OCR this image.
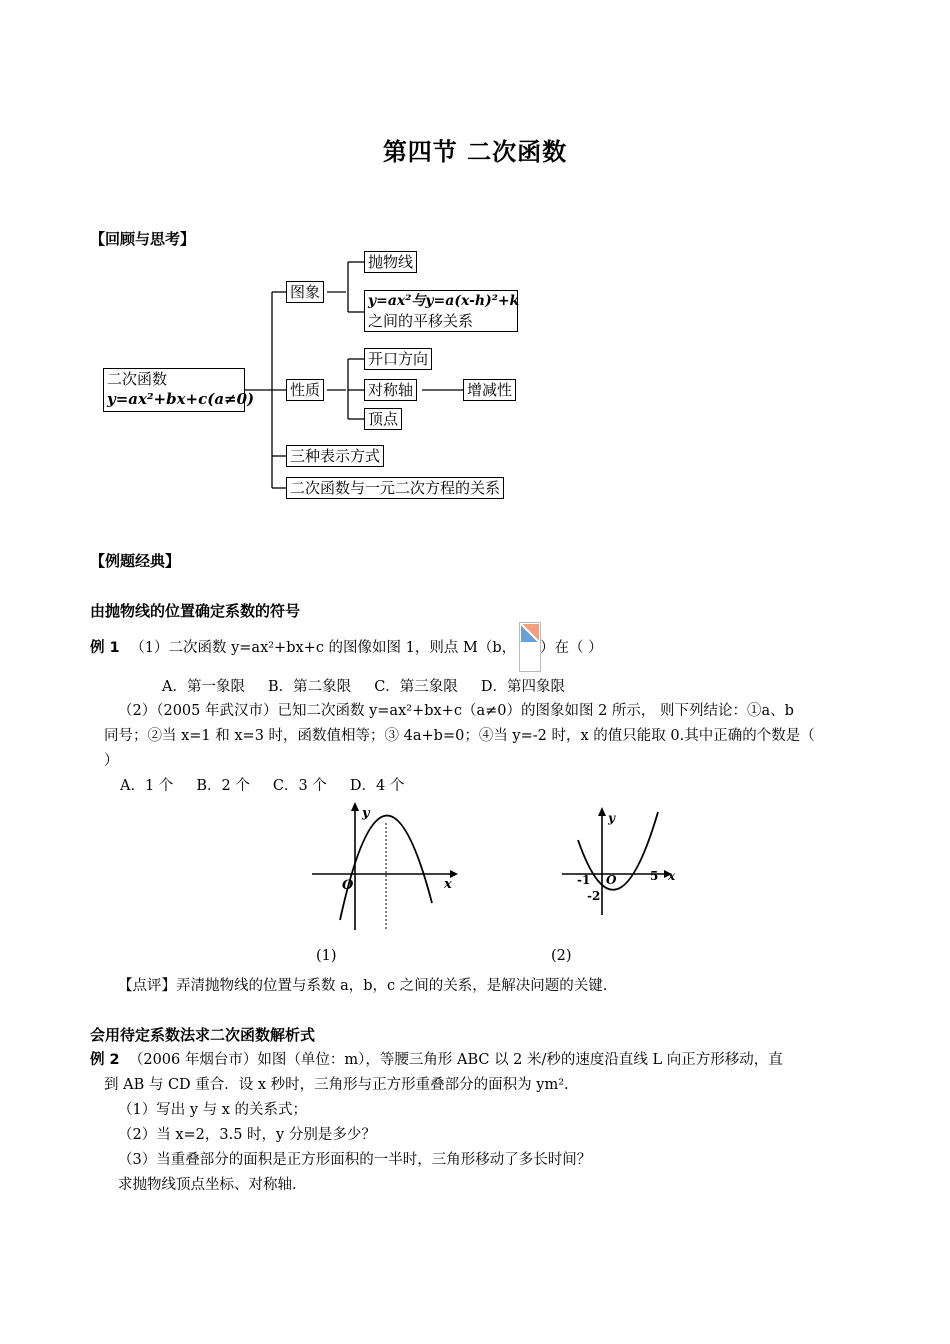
第四节 二次函数
【回顾与思考】
二次函数
y=ax²+bx+c(a≠0)
图象
抛物线
y=ax²与y=a(x-h)²+k
之间的平移关系
性质
开口方向
对称轴	增减性
顶点
三种表示方式
二次函数与一元二次方程的关系
【例题经典】
由抛物线的位置确定系数的符号
例 1 （1）二次函数 y=ax²+bx+c 的图像如图 1，则点 M（b， ）在（ ）
A．第一象限     B．第二象限     C．第三象限     D．第四象限
（2）（2005 年武汉市）已知二次函数 y=ax²+bx+c（a≠0）的图象如图 2 所示， 则下列结论：①a、b
同号；②当 x=1 和 x=3 时，函数值相等；③ 4a+b=0；④当 y=-2 时，x 的值只能取 0.其中正确的个数是（
）
A．1 个     B．2 个     C．3 个     D．4 个
y
x
O
y
x
O
-1	5
-2
(1)	(2)
【点评】弄清抛物线的位置与系数 a，b，c 之间的关系，是解决问题的关键.
会用待定系数法求二次函数解析式
例 2  （2006 年烟台市）如图（单位：m），等腰三角形 ABC 以 2 米/秒的速度沿直线 L 向正方形移动，直
到 AB 与 CD 重合．设 x 秒时，三角形与正方形重叠部分的面积为 ym².
（1）写出 y 与 x 的关系式；
（2）当 x=2，3.5 时，y 分别是多少？
（3）当重叠部分的面积是正方形面积的一半时，三角形移动了多长时间？
求抛物线顶点坐标、对称轴.
